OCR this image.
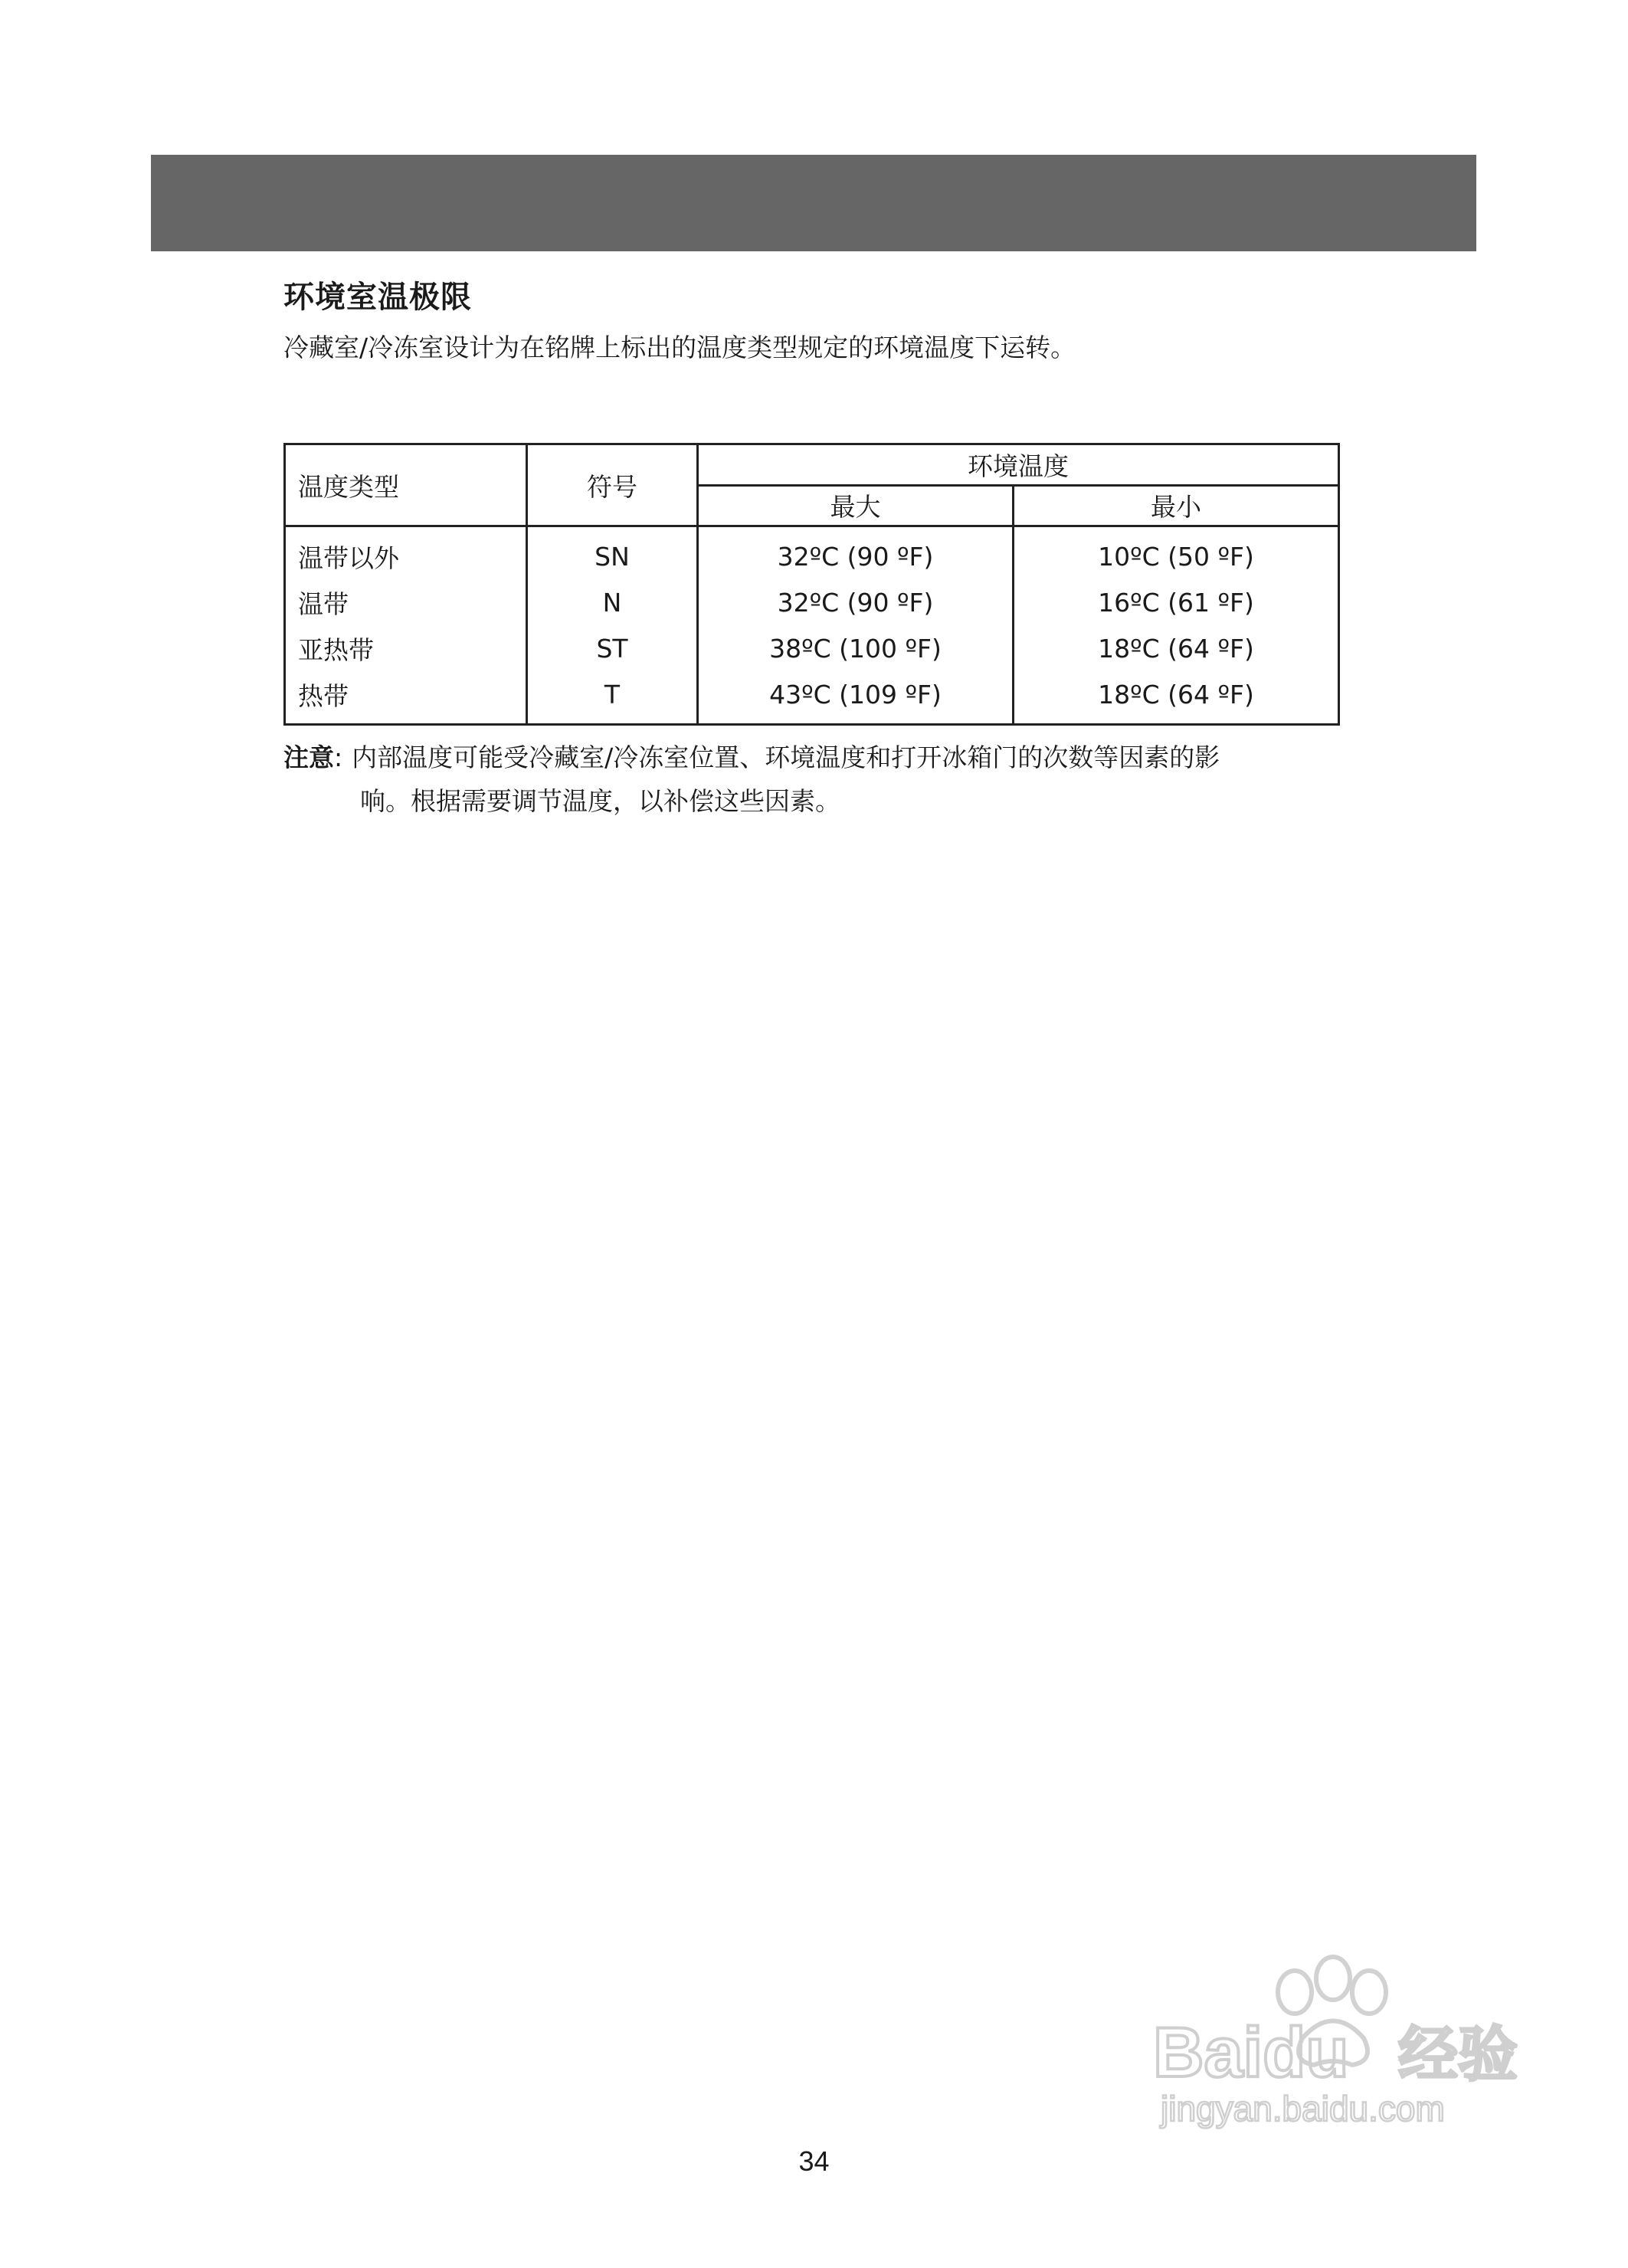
环境室温极限
冷藏室/冷冻室设计为在铭牌上标出的温度类型规定的环境温度下运转。
温度类型	符号	环境温度	
		最大	最小
温带以外	SN	32ºC (90 ºF)	10ºC (50 ºF)
温带	N	32ºC (90 ºF)	16ºC (61 ºF)
亚热带	ST	38ºC (100 ºF)	18ºC (64 ºF)
热带	T	43ºC (109 ºF)	18ºC (64 ºF)
注意: 内部温度可能受冷藏室/冷冻室位置、环境温度和打开冰箱门的次数等因素的影
响。根据需要调节温度，以补偿这些因素。
34
Baidu 经验
jingyan.baidu.com
